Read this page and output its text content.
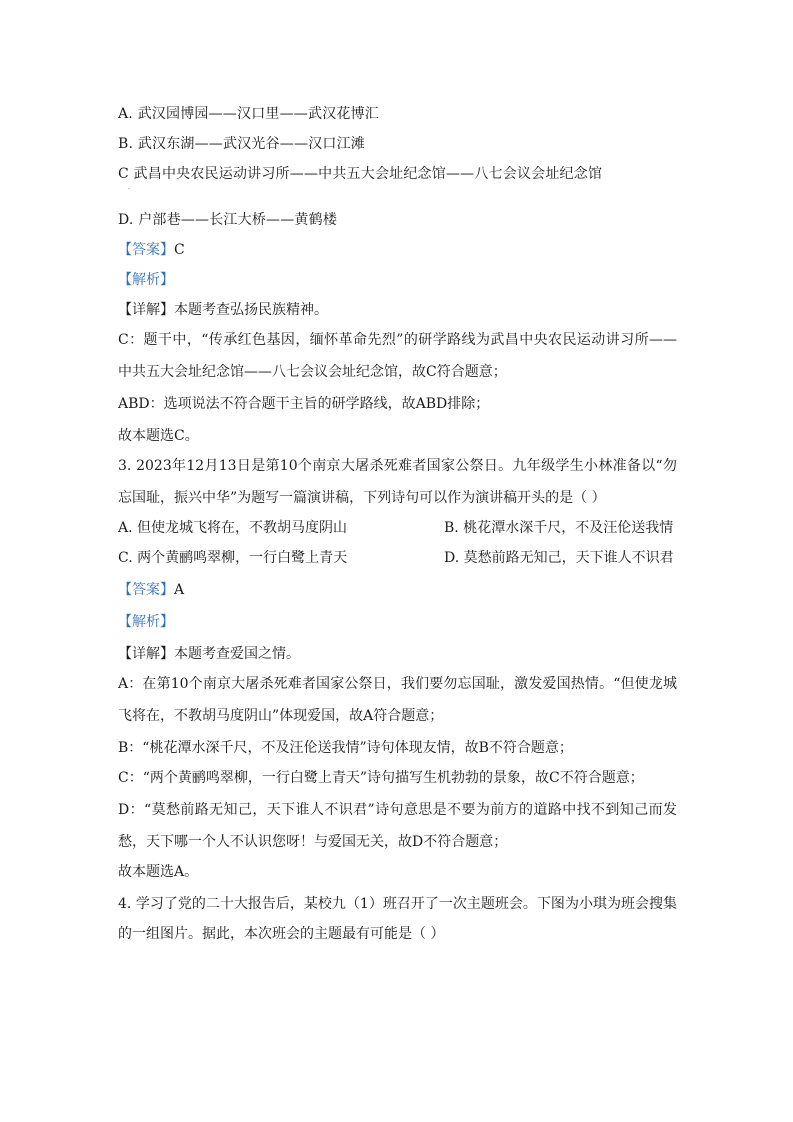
A. 武汉园博园——汉口里——武汉花博汇
B. 武汉东湖——武汉光谷——汉口江滩
C 武昌中央农民运动讲习所——中共五大会址纪念馆——八七会议会址纪念馆
·
D. 户部巷——长江大桥——黄鹤楼
【答案】C
【解析】
【详解】本题考查弘扬民族精神。
C：题干中，“传承红色基因，缅怀革命先烈”的研学路线为武昌中央农民运动讲习所——
中共五大会址纪念馆——八七会议会址纪念馆，故C符合题意；
ABD：选项说法不符合题干主旨的研学路线，故ABD排除；
故本题选C。
3. 2023年12月13日是第10个南京大屠杀死难者国家公祭日。九年级学生小林准备以“勿
忘国耻，振兴中华”为题写一篇演讲稿，下列诗句可以作为演讲稿开头的是（ ）
A. 但使龙城飞将在，不教胡马度阴山	B. 桃花潭水深千尺，不及汪伦送我情
C. 两个黄鹂鸣翠柳，一行白鹭上青天	D. 莫愁前路无知己，天下谁人不识君
【答案】A
【解析】
【详解】本题考查爱国之情。
A：在第10个南京大屠杀死难者国家公祭日，我们要勿忘国耻，激发爱国热情。“但使龙城
飞将在，不教胡马度阴山”体现爱国，故A符合题意；
B：“桃花潭水深千尺，不及汪伦送我情”诗句体现友情，故B不符合题意；
C：“两个黄鹂鸣翠柳，一行白鹭上青天”诗句描写生机勃勃的景象，故C不符合题意；
D：“莫愁前路无知己，天下谁人不识君”诗句意思是不要为前方的道路中找不到知己而发
愁，天下哪一个人不认识您呀！与爱国无关，故D不符合题意；
故本题选A。
4. 学习了党的二十大报告后，某校九（1）班召开了一次主题班会。下图为小琪为班会搜集
的一组图片。据此，本次班会的主题最有可能是（ ）
